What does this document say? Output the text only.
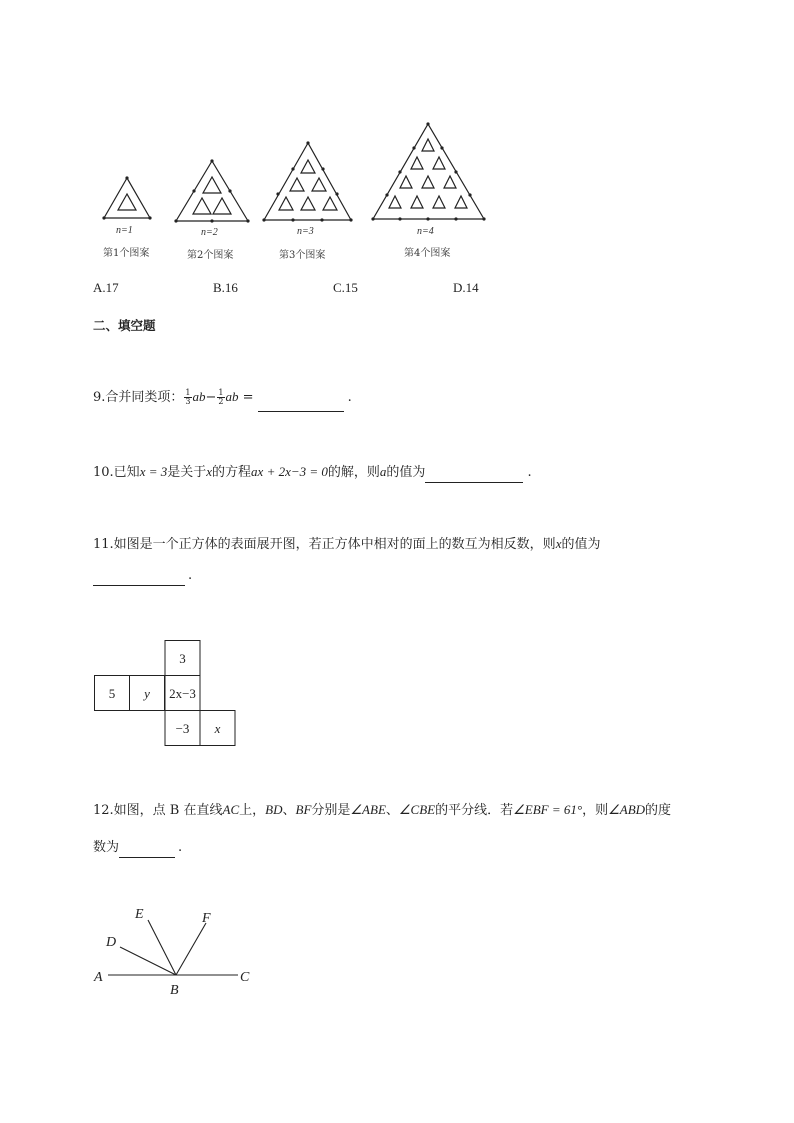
n=1	n=2	n=3	n=4
第1个图案	第2个图案	第3个图案	第4个图案
A.17	B.16	C.15	D.14
二、填空题
9.合并同类项： $\frac{1}{3} ab- \frac{1}{2}$ ab =	.
10.已知x = 3是关于x的方程ax + 2x−3 = 0的解，则a的值为	.
11.如图是一个正方体的表面展开图，若正方体中相对的面上的数互为相反数，则x的值为
.
3
5 y 2x−3
−3 x
12.如图，点 B 在直线AC上，BD、BF分别是∠ABE、∠CBE的平分线．若∠EBF = 61°，则∠ABD的度
数为	.
A
B
C
D
E	F
